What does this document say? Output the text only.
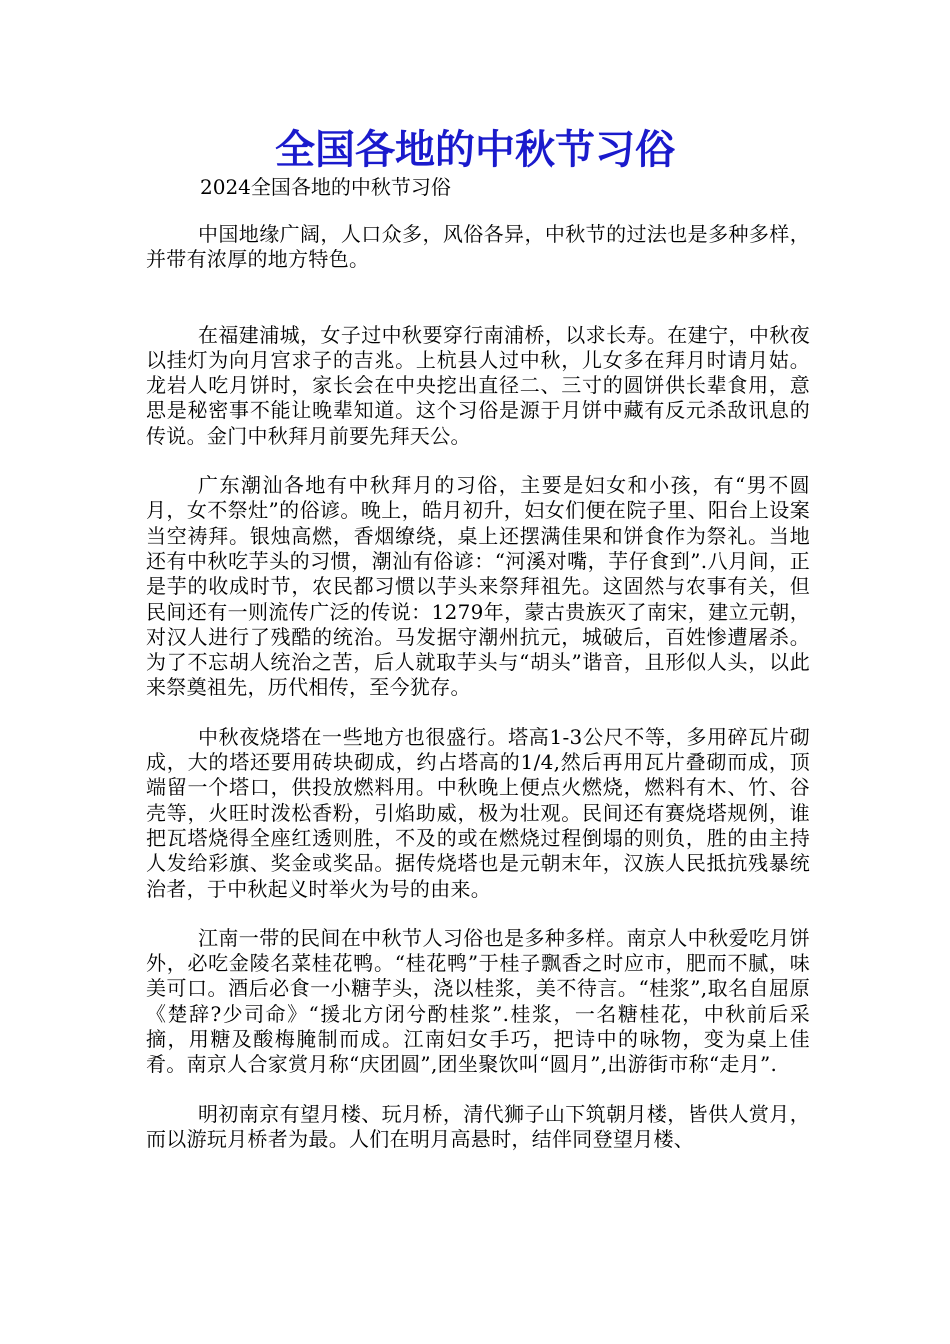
全国各地的中秋节习俗

2024全国各地的中秋节习俗

中国地缘广阔，人口众多，风俗各异，中秋节的过法也是多种多样，并带有浓厚的地方特色。

在福建浦城，女子过中秋要穿行南浦桥，以求长寿。在建宁，中秋夜以挂灯为向月宫求子的吉兆。上杭县人过中秋，儿女多在拜月时请月姑。龙岩人吃月饼时，家长会在中央挖出直径二、三寸的圆饼供长辈食用，意思是秘密事不能让晚辈知道。这个习俗是源于月饼中藏有反元杀敌讯息的传说。金门中秋拜月前要先拜天公。

广东潮汕各地有中秋拜月的习俗，主要是妇女和小孩，有“男不圆月，女不祭灶”的俗谚。晚上，皓月初升，妇女们便在院子里、阳台上设案当空祷拜。银烛高燃，香烟缭绕，桌上还摆满佳果和饼食作为祭礼。当地还有中秋吃芋头的习惯，潮汕有俗谚：“河溪对嘴，芋仔食到”.八月间，正是芋的收成时节，农民都习惯以芋头来祭拜祖先。这固然与农事有关，但民间还有一则流传广泛的传说：1279年，蒙古贵族灭了南宋，建立元朝，对汉人进行了残酷的统治。马发据守潮州抗元，城破后，百姓惨遭屠杀。为了不忘胡人统治之苦，后人就取芋头与“胡头”谐音，且形似人头，以此来祭奠祖先，历代相传，至今犹存。

中秋夜烧塔在一些地方也很盛行。塔高1-3公尺不等，多用碎瓦片砌成，大的塔还要用砖块砌成，约占塔高的1/4,然后再用瓦片叠砌而成，顶端留一个塔口，供投放燃料用。中秋晚上便点火燃烧，燃料有木、竹、谷壳等，火旺时泼松香粉，引焰助威，极为壮观。民间还有赛烧塔规例，谁把瓦塔烧得全座红透则胜，不及的或在燃烧过程倒塌的则负，胜的由主持人发给彩旗、奖金或奖品。据传烧塔也是元朝末年，汉族人民抵抗残暴统治者，于中秋起义时举火为号的由来。

江南一带的民间在中秋节人习俗也是多种多样。南京人中秋爱吃月饼外，必吃金陵名菜桂花鸭。“桂花鸭”于桂子飘香之时应市，肥而不腻，味美可口。酒后必食一小糖芋头，浇以桂浆，美不待言。“桂浆”,取名自屈原《楚辞?少司命》“援北方闭兮酌桂浆”.桂浆，一名糖桂花，中秋前后采摘，用糖及酸梅腌制而成。江南妇女手巧，把诗中的咏物，变为桌上佳肴。南京人合家赏月称“庆团圆”,团坐聚饮叫“圆月”,出游街市称“走月”.

明初南京有望月楼、玩月桥，清代狮子山下筑朝月楼，皆供人赏月，而以游玩月桥者为最。人们在明月高悬时，结伴同登望月楼、
